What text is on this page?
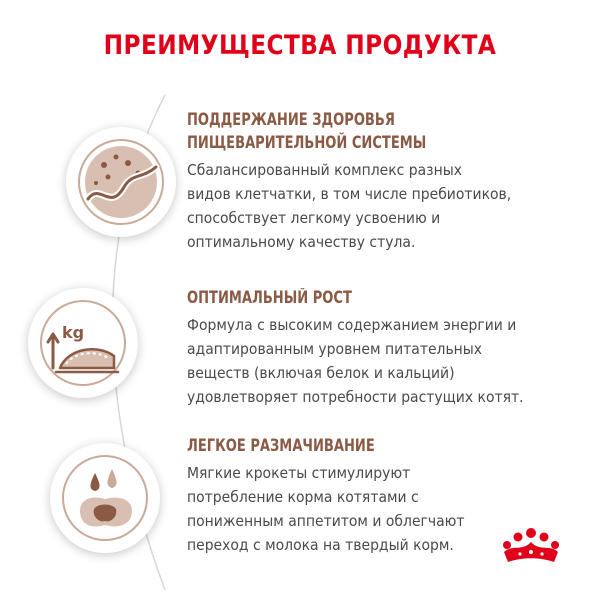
ПРЕИМУЩЕСТВА ПРОДУКТА
kg
ПОДДЕРЖАНИЕ ЗДОРОВЬЯ
ПИЩЕВАРИТЕЛЬНОЙ СИСТЕМЫ
Сбалансированный комплекс разных
видов клетчатки, в том числе пребиотиков,
способствует легкому усвоению и
оптимальному качеству стула.
ОПТИМАЛЬНЫЙ РОСТ
Формула с высоким содержанием энергии и
адаптированным уровнем питательных
веществ (включая белок и кальций)
удовлетворяет потребности растущих котят.
ЛЕГКОЕ РАЗМАЧИВАНИЕ
Мягкие крокеты стимулируют
потребление корма котятами с
пониженным аппетитом и облегчают
переход с молока на твердый корм.
